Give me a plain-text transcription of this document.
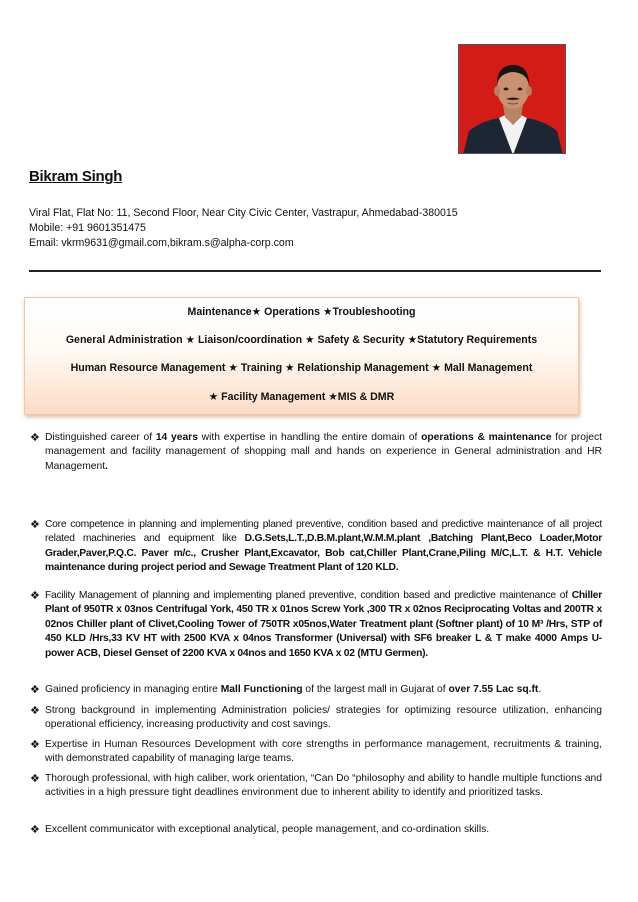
Bikram Singh
Viral Flat, Flat No: 11, Second Floor, Near City Civic Center, Vastrapur, Ahmedabad-380015
Mobile: +91 9601351475
Email: vkrm9631@gmail.com,bikram.s@alpha-corp.com
Maintenance★ Operations ★Troubleshooting
General Administration ★ Liaison/coordination ★ Safety & Security ★Statutory Requirements
Human Resource Management ★ Training ★ Relationship Management ★ Mall Management
★ Facility Management ★MIS & DMR
❖ Distinguished career of 14 years with expertise in handling the entire domain of operations & maintenance for project management and facility management of shopping mall and hands on experience in General administration and HR Management.
❖ Core competence in planning and implementing planed preventive, condition based and predictive maintenance of all project related machineries and equipment like D.G.Sets,L.T.,D.B.M.plant,W.M.M.plant ,Batching Plant,Beco Loader,Motor Grader,Paver,P.Q.C. Paver m/c., Crusher Plant,Excavator, Bob cat,Chiller Plant,Crane,Piling M/C,L.T. & H.T. Vehicle maintenance during project period and Sewage Treatment Plant of 120 KLD.
❖ Facility Management of planning and implementing planed preventive, condition based and predictive maintenance of Chiller Plant of 950TR x 03nos Centrifugal York, 450 TR x 01nos Screw York ,300 TR x 02nos Reciprocating Voltas and 200TR x 02nos Chiller plant of Clivet,Cooling Tower of 750TR x05nos,Water Treatment plant (Softner plant) of 10 M³ /Hrs, STP of 450 KLD /Hrs,33 KV HT with 2500 KVA x 04nos Transformer (Universal) with SF6 breaker L & T make 4000 Amps U-power ACB, Diesel Genset of 2200 KVA x 04nos and 1650 KVA x 02 (MTU Germen).
❖ Gained proficiency in managing entire Mall Functioning of the largest mall in Gujarat of over 7.55 Lac sq.ft.
❖ Strong background in implementing Administration policies/ strategies for optimizing resource utilization, enhancing operational efficiency, increasing productivity and cost savings.
❖ Expertise in Human Resources Development with core strengths in performance management, recruitments & training, with demonstrated capability of managing large teams.
❖ Thorough professional, with high caliber, work orientation, “Can Do “philosophy and ability to handle multiple functions and activities in a high pressure tight deadlines environment due to inherent ability to identify and prioritized tasks.
❖ Excellent communicator with exceptional analytical, people management, and co-ordination skills.
